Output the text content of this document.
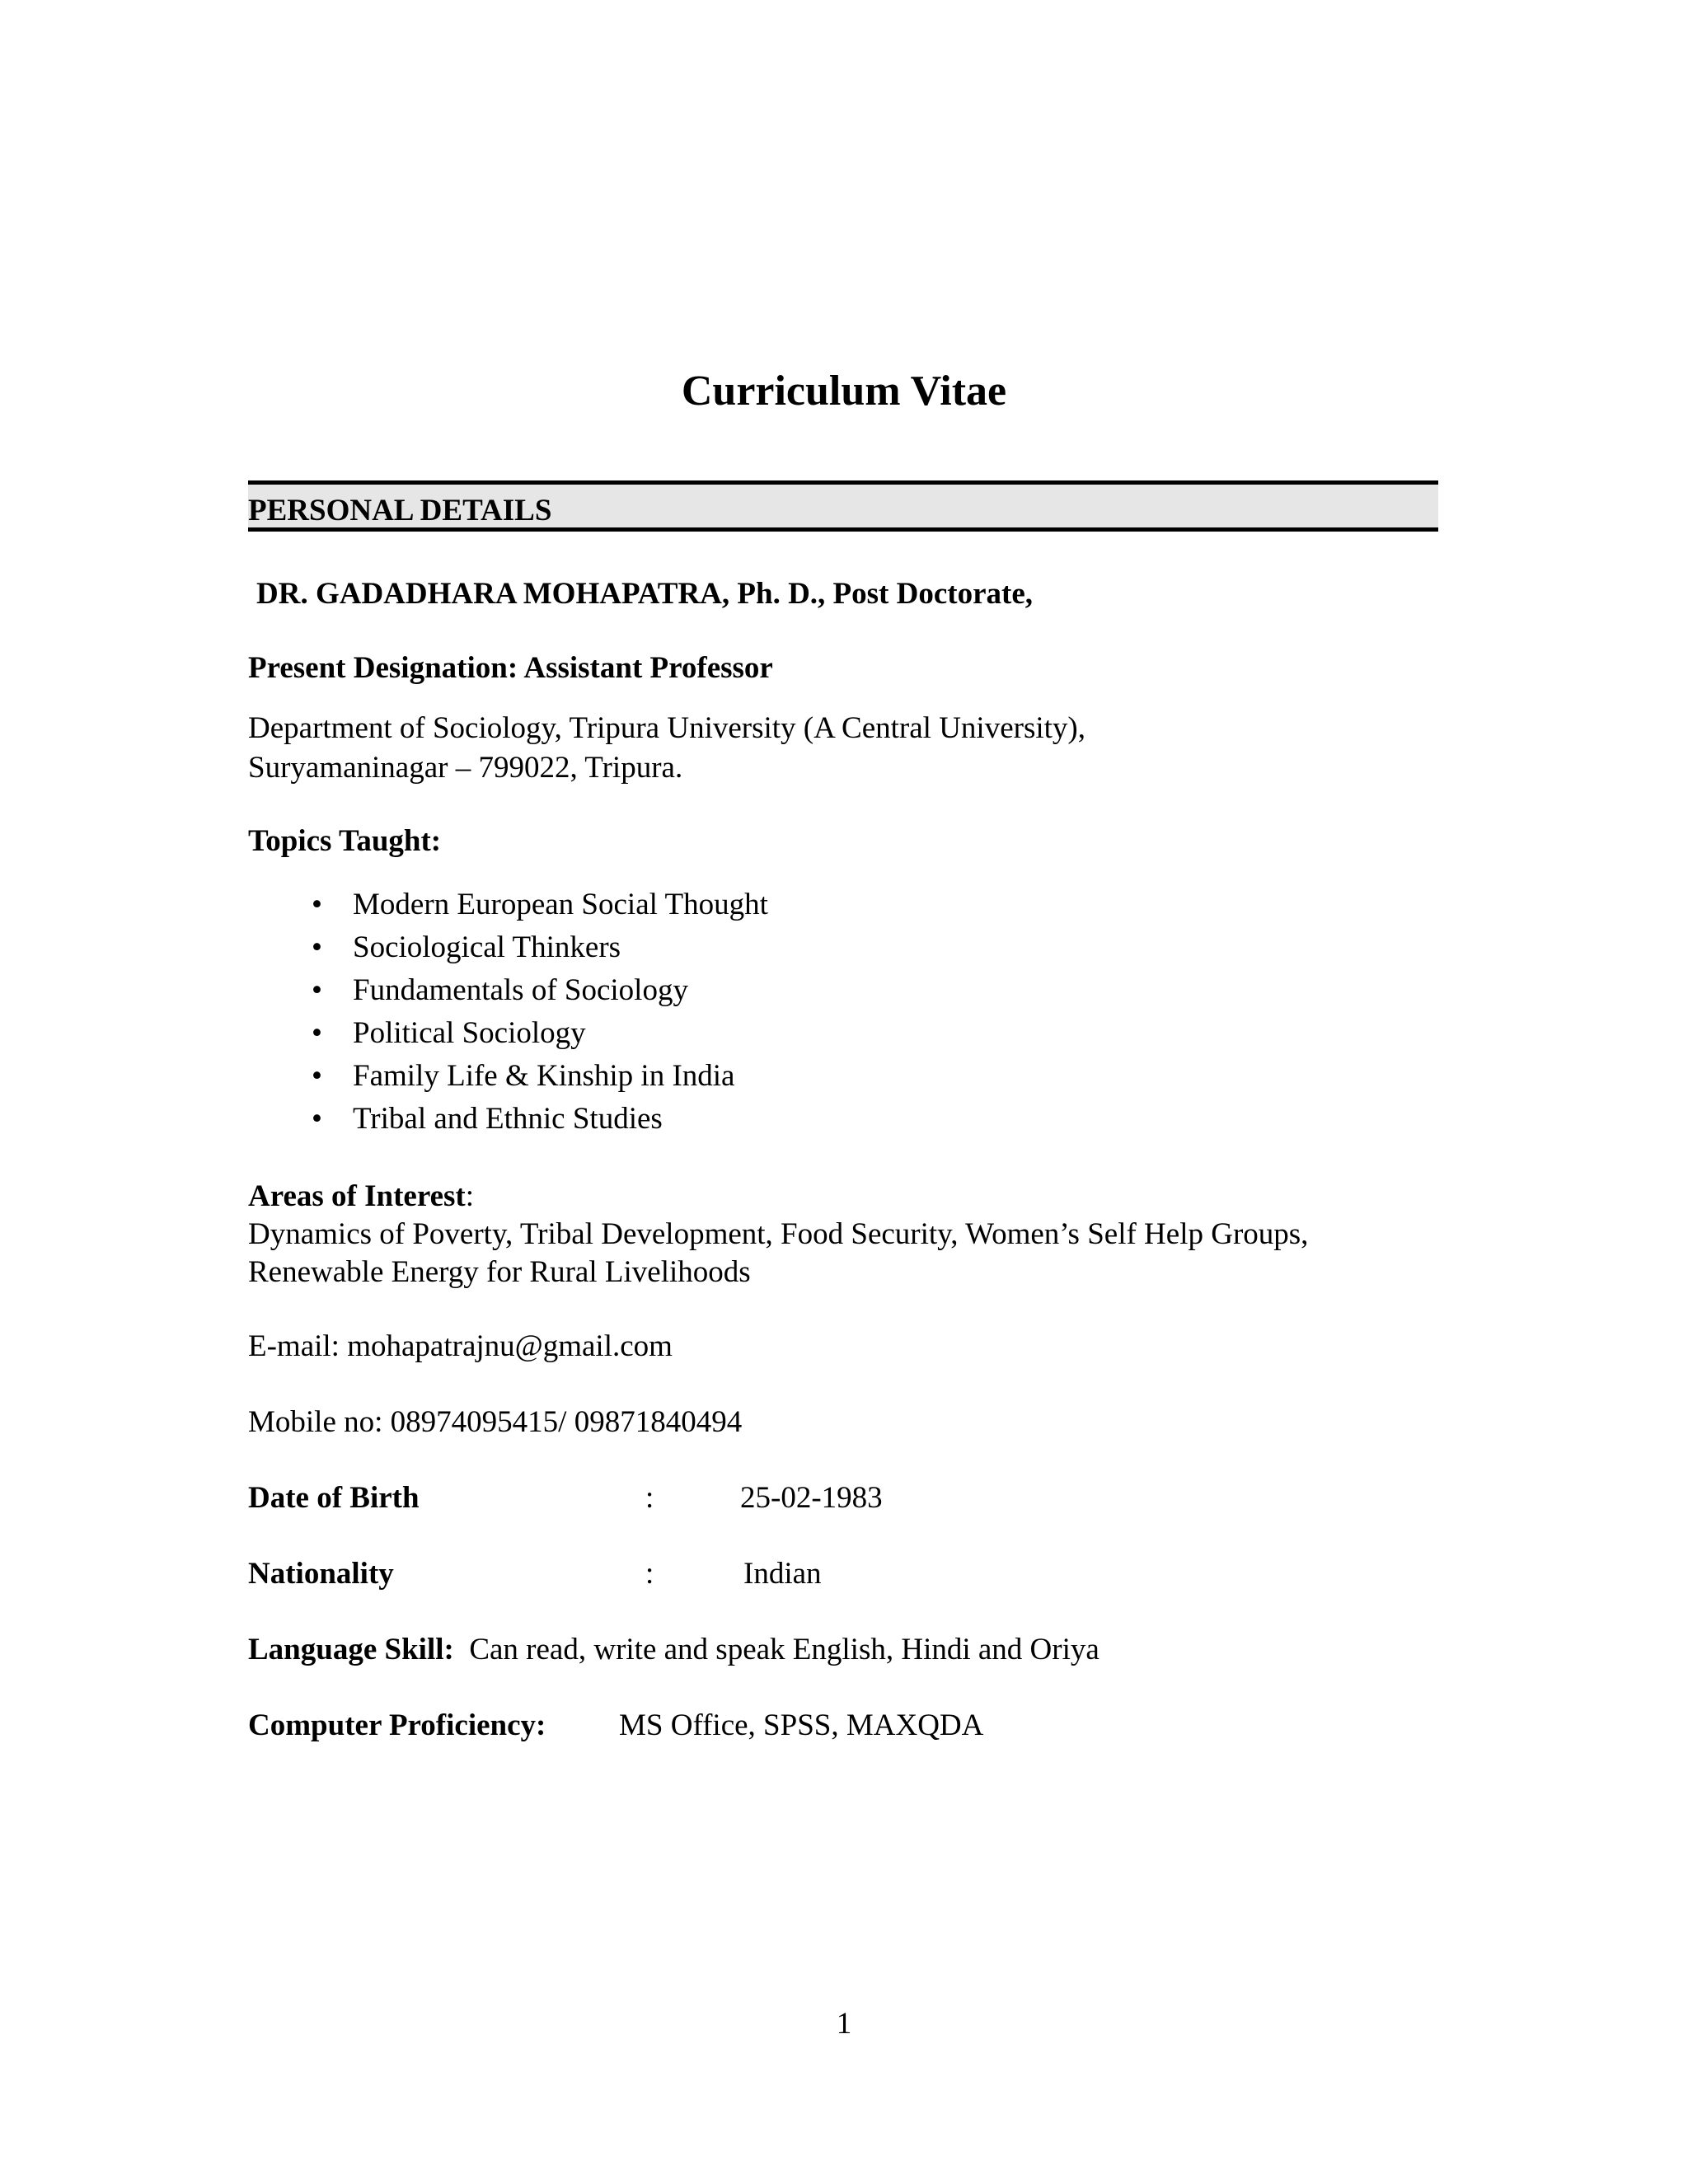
Curriculum Vitae
PERSONAL DETAILS
DR. GADADHARA MOHAPATRA, Ph. D., Post Doctorate,
Present Designation: Assistant Professor
Department of Sociology, Tripura University (A Central University),
Suryamaninagar – 799022, Tripura.
Topics Taught:
• Modern European Social Thought
• Sociological Thinkers
• Fundamentals of Sociology
• Political Sociology
• Family Life & Kinship in India
• Tribal and Ethnic Studies
Areas of Interest:
Dynamics of Poverty, Tribal Development, Food Security, Women’s Self Help Groups,
Renewable Energy for Rural Livelihoods
E-mail: mohapatrajnu@gmail.com
Mobile no: 08974095415/ 09871840494
Date of Birth	:	25-02-1983
Nationality	:	Indian
Language Skill: Can read, write and speak English, Hindi and Oriya
Computer Proficiency: MS Office, SPSS, MAXQDA
1
